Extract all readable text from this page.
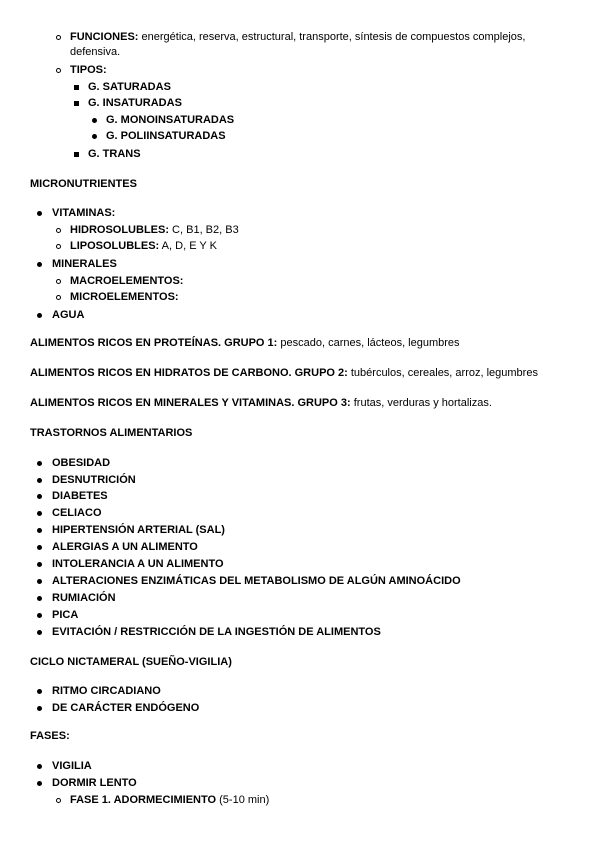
FUNCIONES: energética, reserva, estructural, transporte, síntesis de compuestos complejos,
defensiva.
TIPOS:
G. SATURADAS
G. INSATURADAS
G. MONOINSATURADAS
G. POLIINSATURADAS
G. TRANS
MICRONUTRIENTES
VITAMINAS:
HIDROSOLUBLES: C, B1, B2, B3
LIPOSOLUBLES: A, D, E Y K
MINERALES
MACROELEMENTOS:
MICROELEMENTOS:
AGUA
ALIMENTOS RICOS EN PROTEÍNAS. GRUPO 1: pescado, carnes, lácteos, legumbres
ALIMENTOS RICOS EN HIDRATOS DE CARBONO. GRUPO 2: tubérculos, cereales, arroz, legumbres
ALIMENTOS RICOS EN MINERALES Y VITAMINAS. GRUPO 3: frutas, verduras y hortalizas.
TRASTORNOS ALIMENTARIOS
OBESIDAD
DESNUTRICIÓN
DIABETES
CELIACO
HIPERTENSIÓN ARTERIAL (SAL)
ALERGIAS A UN ALIMENTO
INTOLERANCIA A UN ALIMENTO
ALTERACIONES ENZIMÁTICAS DEL METABOLISMO DE ALGÚN AMINOÁCIDO
RUMIACIÓN
PICA
EVITACIÓN / RESTRICCIÓN DE LA INGESTIÓN DE ALIMENTOS
CICLO NICTAMERAL (SUEÑO-VIGILIA)
RITMO CIRCADIANO
DE CARÁCTER ENDÓGENO
FASES:
VIGILIA
DORMIR LENTO
FASE 1. ADORMECIMIENTO (5-10 min)
